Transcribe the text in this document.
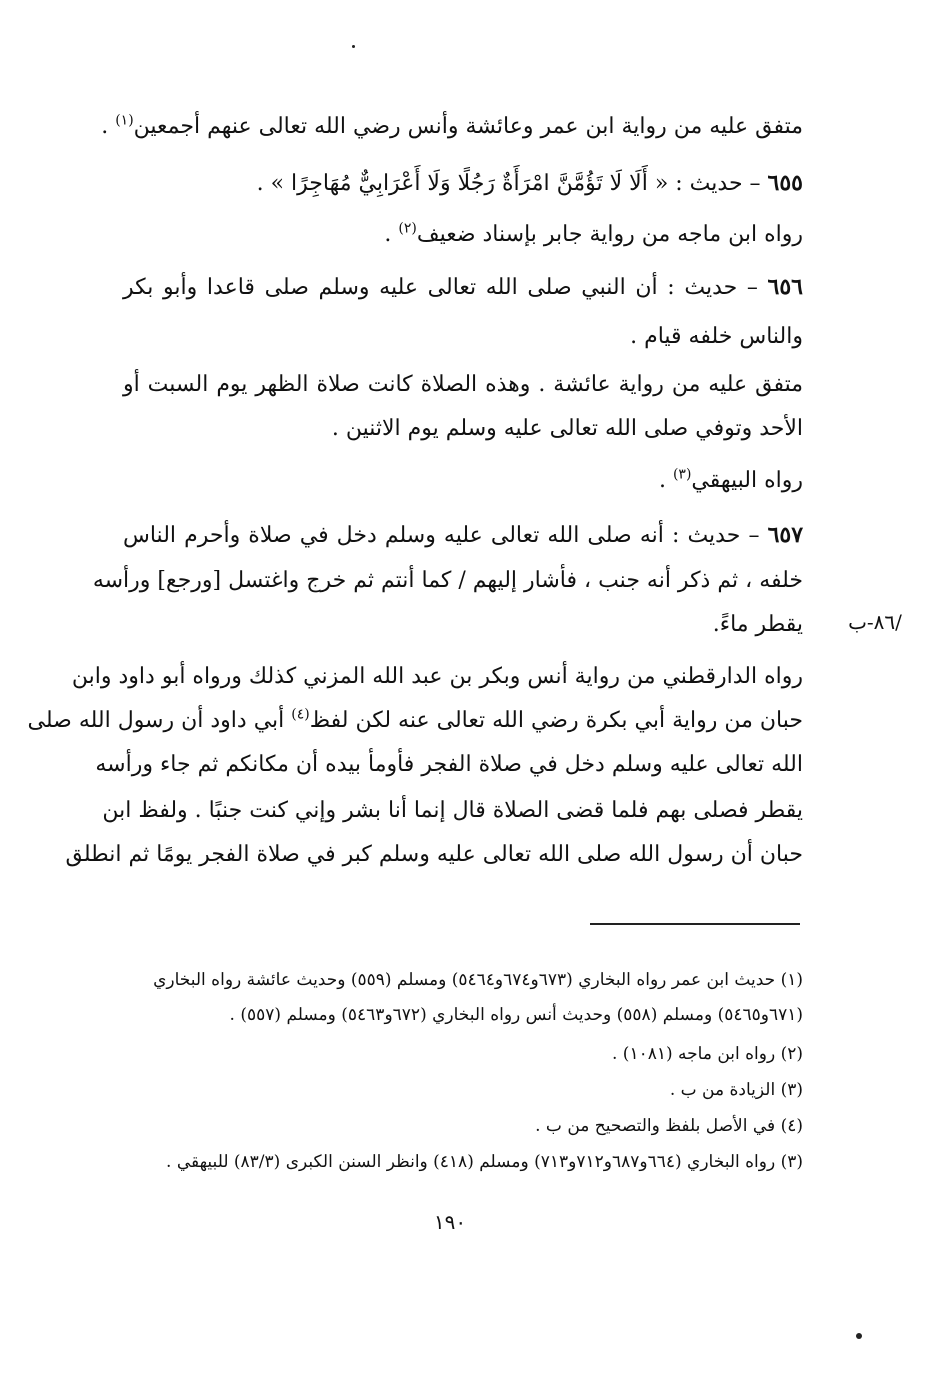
متفق عليه من رواية ابن عمر وعائشة وأنس رضي الله تعالى عنهم أجمعين$^{(١)}$ .
٦٥٥ – حديث : « أَلَا لَا تَؤُمَّنَّ امْرَأَةٌ رَجُلًا وَلَا أَعْرَابِيٌّ مُهَاجِرًا » .
رواه ابن ماجه من رواية جابر بإسناد ضعيف$^{(٢)}$ .
٦٥٦ – حديث : أن النبي صلى الله تعالى عليه وسلم صلى قاعدا وأبو بكر
والناس خلفه قيام .
متفق عليه من رواية عائشة . وهذه الصلاة كانت صلاة الظهر يوم السبت أو
الأحد وتوفي صلى الله تعالى عليه وسلم يوم الاثنين .
رواه البيهقي$^{(٣)}$ .
٦٥٧ – حديث : أنه صلى الله تعالى عليه وسلم دخل في صلاة وأحرم الناس
خلفه ، ثم ذكر أنه جنب ، فأشار إليهم / كما أنتم ثم خرج واغتسل [ورجع] ورأسه
يقطر ماءً.	/٨٦-ب
رواه الدارقطني من رواية أنس وبكر بن عبد الله المزني كذلك ورواه أبو داود وابن
حبان من رواية أبي بكرة رضي الله تعالى عنه لكن لفظ$^{(٤)}$ أبي داود أن رسول الله صلى
الله تعالى عليه وسلم دخل في صلاة الفجر فأومأ بيده أن مكانكم ثم جاء ورأسه
يقطر فصلى بهم فلما قضى الصلاة قال إنما أنا بشر وإني كنت جنبًا . ولفظ ابن
حبان أن رسول الله صلى الله تعالى عليه وسلم كبر في صلاة الفجر يومًا ثم انطلق
(١) حديث ابن عمر رواه البخاري (٦٧٣و٦٧٤و٥٤٦٤) ومسلم (٥٥٩) وحديث عائشة رواه البخاري
(٦٧١و٥٤٦٥) ومسلم (٥٥٨) وحديث أنس رواه البخاري (٦٧٢و٥٤٦٣) ومسلم (٥٥٧) .
(٢) رواه ابن ماجه (١٠٨١) .
(٣) الزيادة من ب .
(٤) في الأصل بلفظ والتصحيح من ب .
(٣) رواه البخاري (٦٦٤و٦٨٧و٧١٢و٧١٣) ومسلم (٤١٨) وانظر السنن الكبرى (٨٣/٣) للبيهقي .
١٩٠
